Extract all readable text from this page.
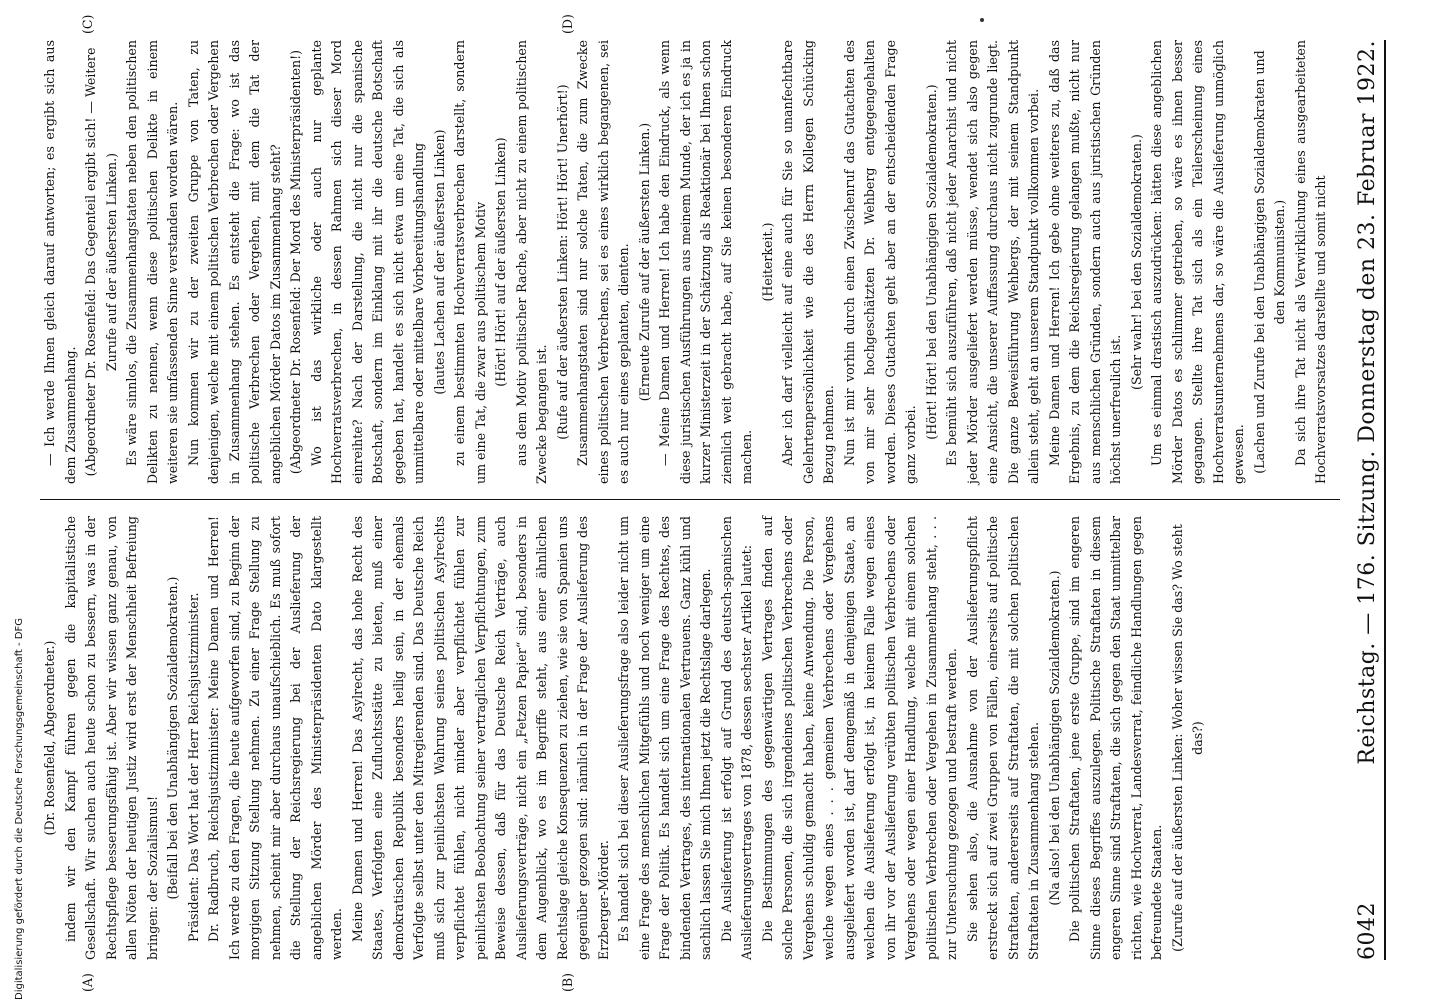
6042
Reichstag. — 176. Sitzung. Donnerstag den 23. Februar 1922.

(Dr. Rosenfeld, Abgeordneter.) indem wir den Kampf führen gegen die kapitalistische Gesellschaft. Wir suchen auch heute schon zu bessern, was in der Rechtspflege besserungsfähig ist. Aber wir wissen ganz genau, von allen Nöten der heutigen Justiz wird erst der Menschheit Befreiung bringen: der Sozialismus! (Beifall bei den Unabhängigen Sozialdemokraten.) Präsident: Das Wort hat der Herr Reichsjustizminister. Dr. Radbruch, Reichsjustizminister: Meine Damen und Herren! Ich werde zu den Fragen, die heute aufgeworfen sind, zu Beginn der morgigen Sitzung Stellung nehmen. Zu einer Frage Stellung zu nehmen, scheint mir aber durchaus unaufschieblich. Es muß sofort die Stellung der Reichsregierung bei der Auslieferung der angeblichen Mörder des Ministerpräsidenten Dato klargestellt werden. Meine Damen und Herren! Das Asylrecht, das hohe Recht des Staates, Verfolgten eine Zufluchtsstätte zu bieten, muß einer demokratischen Republik besonders heilig sein, in der ehemals Verfolgte selbst unter den Mitregierenden sind. Das Deutsche Reich muß sich zur peinlichsten Wahrung seines politischen Asylrechts verpflichtet fühlen, nicht minder aber verpflichtet fühlen zur peinlichsten Beobachtung seiner vertraglichen Verpflichtungen, zum Beweise dessen, daß für das Deutsche Reich Verträge, auch Auslieferungsverträge, nicht ein „Fetzen Papier“ sind, besonders in dem Augenblick, wo es im Begriffe steht, aus einer ähnlichen Rechtslage gleiche Konsequenzen zu ziehen, wie sie von Spanien uns gegenüber gezogen sind: nämlich in der Frage der Auslieferung des Erzberger-Mörder. Es handelt sich bei dieser Auslieferungsfrage also leider nicht um eine Frage des menschlichen Mitgefühls und noch weniger um eine Frage der Politik. Es handelt sich um eine Frage des Rechtes, des bindenden Vertrages, des internationalen Vertrauens. Ganz kühl und sachlich lassen Sie mich Ihnen jetzt die Rechtslage darlegen. Die Auslieferung ist erfolgt auf Grund des deutsch-spanischen Auslieferungsvertrages von 1878, dessen sechster Artikel lautet: Die Bestimmungen des gegenwärtigen Vertrages finden auf solche Personen, die sich irgendeines politischen Verbrechens oder Vergehens schuldig gemacht haben, keine Anwendung. Die Person, welche wegen eines . . . gemeinen Verbrechens oder Vergehens ausgeliefert worden ist, darf demgemäß in demjenigen Staate, an welchen die Auslieferung erfolgt ist, in keinem Falle wegen eines von ihr vor der Auslieferung verübten politischen Verbrechens oder Vergehens oder wegen einer Handlung, welche mit einem solchen politischen Verbrechen oder Vergehen in Zusammenhang steht, . . . zur Untersuchung gezogen und bestraft werden. Sie sehen also, die Ausnahme von der Auslieferungspflicht erstreckt sich auf zwei Gruppen von Fällen, einerseits auf politische Straftaten, andererseits auf Straftaten, die mit solchen politischen Straftaten in Zusammenhang stehen. (Na also! bei den Unabhängigen Sozialdemokraten.) Die politischen Straftaten, jene erste Gruppe, sind im engeren Sinne dieses Begriffes auszulegen. Politische Straftaten in diesem engeren Sinne sind Straftaten, die sich gegen den Staat unmittelbar richten, wie Hochverrat, Landesverrat, feindliche Handlungen gegen befreundete Staaten. (Zurufe auf der äußersten Linken: Woher wissen Sie das? Wo steht das?)

— Ich werde Ihnen gleich darauf antworten; es ergibt sich aus dem Zusammenhang. (Abgeordneter Dr. Rosenfeld: Das Gegenteil ergibt sich! — Weitere Zurufe auf der äußersten Linken.) Es wäre sinnlos, die Zusammenhangstaten neben den politischen Delikten zu nennen, wenn diese politischen Delikte in einem weiteren sie umfassenden Sinne verstanden worden wären. Nun kommen wir zu der zweiten Gruppe von Taten, zu denjenigen, welche mit einem politischen Verbrechen oder Vergehen in Zusammenhang stehen. Es entsteht die Frage: wo ist das politische Verbrechen oder Vergehen, mit dem die Tat der angeblichen Mörder Datos im Zusammenhang steht? (Abgeordneter Dr. Rosenfeld: Der Mord des Ministerpräsidenten!) Wo ist das wirkliche oder auch nur geplante Hochverratsverbrechen, in dessen Rahmen sich dieser Mord einreihte? Nach der Darstellung, die nicht nur die spanische Botschaft, sondern im Einklang mit ihr die deutsche Botschaft gegeben hat, handelt es sich nicht etwa um eine Tat, die sich als unmittelbare oder mittelbare Vorbereitungshandlung (lautes Lachen auf der äußersten Linken) zu einem bestimmten Hochverratsverbrechen darstellt, sondern um eine Tat, die zwar aus politischem Motiv (Hört! Hört! auf der äußersten Linken) aus dem Motiv politischer Rache, aber nicht zu einem politischen Zwecke begangen ist. (Rufe auf der äußersten Linken: Hört! Hört! Unerhört!) Zusammenhangstaten sind nur solche Taten, die zum Zwecke eines politischen Verbrechens, sei es eines wirklich begangenen, sei es auch nur eines geplanten, dienten. (Erneute Zurufe auf der äußersten Linken.) — Meine Damen und Herren! Ich habe den Eindruck, als wenn diese juristischen Ausführungen aus meinem Munde, der ich es ja in kurzer Ministerzeit in der Schätzung als Reaktionär bei Ihnen schon ziemlich weit gebracht habe, auf Sie keinen besonderen Eindruck machen.

(Heiterkeit.) Aber ich darf vielleicht auf eine auch für Sie so unanfechtbare Gelehrtenpersönlichkeit wie die des Herrn Kollegen Schücking Bezug nehmen. Nun ist mir vorhin durch einen Zwischenruf das Gutachten des von mir sehr hochgeschätzten Dr. Wehberg entgegengehalten worden. Dieses Gutachten geht aber an der entscheidenden Frage ganz vorbei.

(Hört! Hört! bei den Unabhängigen Sozialdemokraten.) Es bemüht sich auszuführen, daß nicht jeder Anarchist und nicht jeder Mörder ausgeliefert werden müsse, wendet sich also gegen eine Ansicht, die unserer Auffassung durchaus nicht zugrunde liegt. Die ganze Beweisführung Wehbergs, der mit seinem Standpunkt allein steht, geht an unserem Standpunkt vollkommen vorbei. Meine Damen und Herren! Ich gebe ohne weiteres zu, daß das Ergebnis, zu dem die Reichsregierung gelangen mußte, nicht nur aus menschlichen Gründen, sondern auch aus juristischen Gründen höchst unerfreulich ist.

(Sehr wahr! bei den Sozialdemokraten.) Um es einmal drastisch auszudrücken: hätten diese angeblichen Mörder Datos es schlimmer getrieben, so wäre es ihnen besser gegangen. Stellte ihre Tat sich als ein Teilerscheinung eines Hochverratsunternehmens dar, so wäre die Auslieferung unmöglich gewesen. (Lachen und Zurufe bei den Unabhängigen Sozialdemokraten und den Kommunisten.) Da sich ihre Tat nicht als Verwirklichung eines ausgearbeiteten Hochverratsvorsatzes darstellte und somit nicht

(A)	(B)
(C)	(D)
Digitalisierung gefördert durch die Deutsche Forschungsgemeinschaft - DFG
